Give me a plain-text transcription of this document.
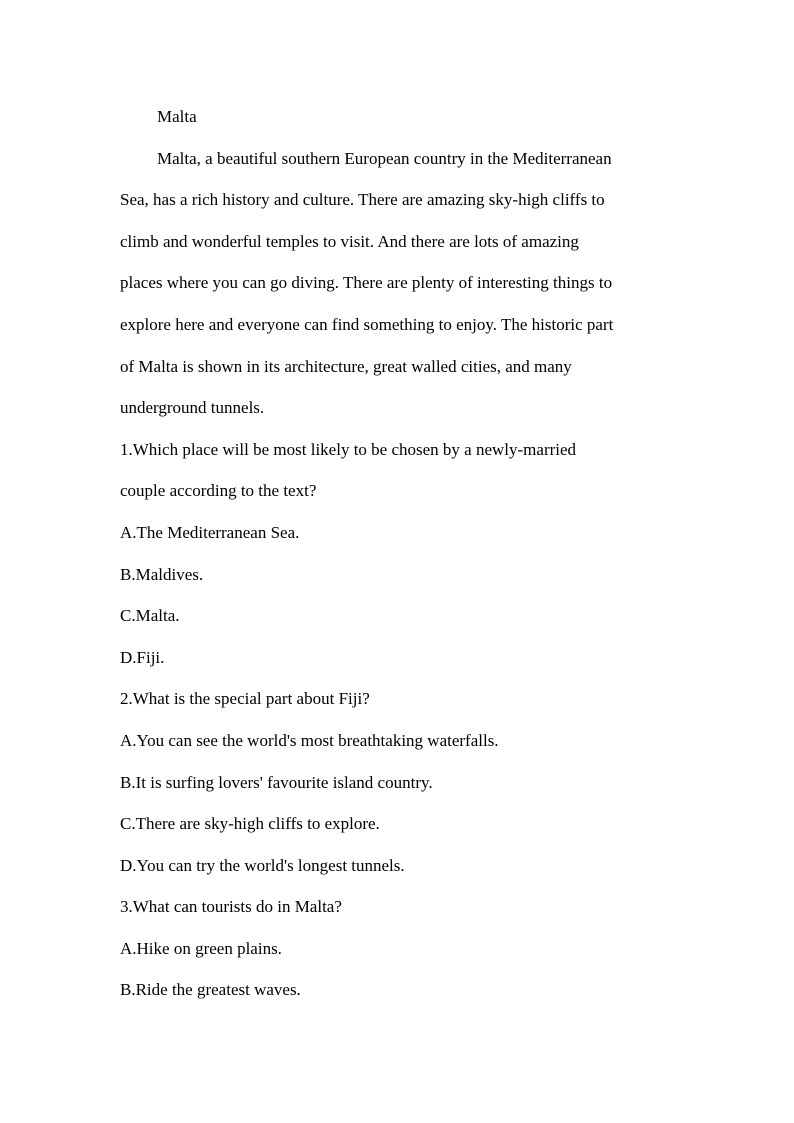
Malta
Malta, a beautiful southern European country in the Mediterranean
Sea, has a rich history and culture. There are amazing sky-high cliffs to
climb and wonderful temples to visit. And there are lots of amazing
places where you can go diving. There are plenty of interesting things to
explore here and everyone can find something to enjoy. The historic part
of Malta is shown in its architecture, great walled cities, and many
underground tunnels.
1.Which place will be most likely to be chosen by a newly-married
couple according to the text?
A.The Mediterranean Sea.
B.Maldives.
C.Malta.
D.Fiji.
2.What is the special part about Fiji?
A.You can see the world's most breathtaking waterfalls.
B.It is surfing lovers' favourite island country.
C.There are sky-high cliffs to explore.
D.You can try the world's longest tunnels.
3.What can tourists do in Malta?
A.Hike on green plains.
B.Ride the greatest waves.
